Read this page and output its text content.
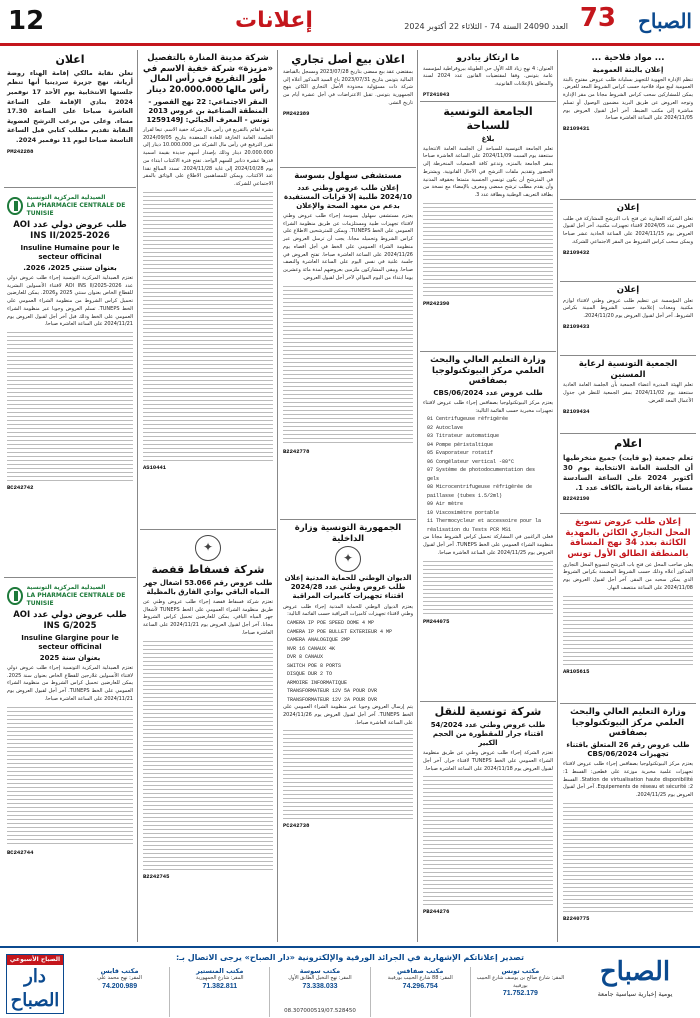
12	إعلانات	العدد 24090 السنة 74 - الثلاثاء 22 أكتوبر 2024 73 الصباح
... مواد فلاحية ...
إعلان بالبتة العمومية
تنظم الإدارة الجهوية للتجهيز بسليانة طلب عروض مفتوح بالبتة العمومية لبيع مواد فلاحية حسب كراس الشروط المعد للغرض. يمكن للمشاركين سحب كراس الشروط مجانا من مقر الإدارة وتوجه العروض عن طريق البريد مضمون الوصول أو تسلم مباشرة إلى مكتب الضبط. آخر أجل لقبول العروض يوم 2024/11/05 على الساعة العاشرة صباحا.
B2109431
إعلان
تعلن الشركة العقارية عن فتح باب الترشح للمشاركة في طلب العروض عدد 2024/05 لاقتناء تجهيزات مكتبية. آخر أجل لقبول العروض يوم 2024/11/15 على الساعة الحادية عشر صباحا ويمكن سحب كراس الشروط من المقر الاجتماعي للشركة.
B2109432
إعلان
تعلن المؤسسة عن تنظيم طلب عروض وطني لاقتناء لوازم مكتبية ومعدات إعلامية حسب الشروط المبينة بكراس الشروط. آخر أجل لقبول العروض يوم 2024/11/20.
B2109433
الجمعية التونسية لرعاية المسنين
تعلم الهيئة المديرة أعضاء الجمعية بأن الجلسة العامة العادية ستنعقد يوم 2024/11/02 بمقر الجمعية للنظر في جدول الأعمال المعد للغرض.
B2109434
اعلام
تعلم جمعية (بو فايت) جميع منخرطيها أن الجلسة العامة الانتخابية يوم 30 أكتوبر 2024 على الساعة السادسة مساء بقاعة الرياضة بالكاف عدد 1.
B2242190
إعلان طلب عروض تسويغ المحل التجاري الكائن بالمهدية الكائنة بعدد 34 نهج المسافة بالمنطقة الطالق الأول تونس
يعلن صاحب المحل عن فتح باب الترشح لتسويغ المحل التجاري المذكور أعلاه وذلك حسب الشروط المضمنة بكراس الشروط الذي يمكن سحبه من المقر. آخر أجل لقبول العروض يوم 2024/11/08 على الساعة منتصف النهار.
AR105615
وزارة التعليم العالي والبحث العلمي مركز البيوتكنولوجيا بصفاقس
طلب عروض رقم 26 المتعلق باقتناء تجهيزات 2024/CBS/06
يعتزم مركز البيوتكنولوجيا بصفاقس إجراء طلب عروض لاقتناء تجهيزات علمية مخبرية موزعة على قطعين: القسط 1: Station de virtualisation haute disponibilité. القسط 2: Equipements de réseau et sécurité. آخر أجل لقبول العروض يوم 2024/11/25.
B2240775
ما ارتكاز يبادرو
العنوان: 4 نهج زياد الله الأول حي الطويلة بيروقراطية لمؤسسة عامة بتونس. وفقا لمقتضيات القانون عدد 2024 لسنة والمتعلق بالإعلانات القانونية.
PT241043
الجامعة التونسية للسباحة
بلاغ
تعلم الجامعة التونسية للسباحة أن الجلسة العامة الانتخابية ستنعقد يوم السبت 2024/11/09 على الساعة العاشرة صباحا بمقر الجامعة بالمنزه. وتدعو كافة الجمعيات المنخرطة إلى الحضور وتقديم ملفات الترشح في الآجال القانونية. ويشترط في المترشح أن يكون تونسي الجنسية متمتعا بحقوقه المدنية وأن يقدم مطلب ترشح ممضى ومعرف بالإمضاء مع نسخة من بطاقة التعريف الوطنية وبطاقة عدد 3.
PM242390
وزارة التعليم العالي والبحث العلمي مركز البيوتكنولوجيا بصفاقس
طلب عروض عدد 2024/CBS/06
يعتزم مركز البيوتكنولوجيا بصفاقس إجراء طلب عروض لاقتناء تجهيزات مخبرية حسب القائمة التالية:
01 Centrifugeuse réfrigérée
02 Autoclave
03 Titrateur automatique
04 Pompe péristaltique
05 Evaporateur rotatif
06 Congélateur vertical -80°C
07 Système de photodocumentation des gels
08 Microcentrifugeuse réfrigérée de paillasse (tubes 1.5/2ml)
09 Air mètre
10 Viscosimètre portable
11 Thermocycleur et accessoire pour la réalisation du Tests PCR MS1
فعلى الراغبين في المشاركة تحميل كراس الشروط مجانا من منظومة الشراء العمومي على الخط TUNEPS. آخر أجل لقبول العروض يوم 2024/11/25 على الساعة العاشرة صباحا.
PM244075
شركة تونسية للنقل
طلب عروض وطني عدد 54/2024 اقتناء جرار للمقطورة من الحجم الكبير
تعتزم الشركة إجراء طلب عروض وطني عن طريق منظومة الشراء العمومي على الخط TUNEPS لاقتناء جرار. آخر أجل لقبول العروض يوم 2024/11/18 على الساعة العاشرة صباحا.
PB244276
اعلان بيع أصل تجاري
بمقتضى عقد بيع ممضى بتاريخ 2023/07/28 ومسجل بالقباضة المالية بتونس بتاريخ 2023/07/31 باع السيد المذكور أعلاه إلى شركة ذات مسؤولية محدودة الأصل التجاري الكائن بنهج الجمهورية بتونس. تقبل الاعتراضات في أجل عشرة أيام من تاريخ النشر.
PM242389
مستشفى سهلول بسوسة
إعلان طلب عروض وطني عدد 2024/10 طلبية إلا قرابات المستفيدة بدعم من معهد الصحة والإعلان
يعتزم مستشفى سهلول بسوسة إجراء طلب عروض وطني لاقتناء تجهيزات طبية ومستلزمات عن طريق منظومة الشراء العمومي على الخط TUNEPS. ويمكن للمترشحين الاطلاع على كراس الشروط وتحميله مجانا. يجب أن ترسل العروض عبر منظومة الشراء العمومي على الخط في أجل أقصاه يوم 2024/11/26 على الساعة العاشرة صباحا. تفتح العروض في جلسة علنية في نفس اليوم على الساعة العاشرة والنصف صباحا. ويبقى المشاركون ملزمين بعروضهم لمدة مائة وعشرين يوما ابتداء من اليوم الموالي لآخر أجل لقبول العروض.
B2242778
الجمهورية التونسية وزارة الداخلية
✦
الديوان الوطني للحماية المدنية إعلان طلب عروض وطني عدد 2024/28 اقتناء تجهيزات كاميرات المراقبة
يعتزم الديوان الوطني للحماية المدنية إجراء طلب عروض وطني لاقتناء تجهيزات كاميرات المراقبة حسب القائمة التالية:
CAMERA IP POE SPEED DOME 4 MP
CAMERA IP POE BULLET EXTERIEUR 4 MP
CAMERA ANALOGIQUE 2MP
NVR 16 CANAUX 4K
DVR 8 CANAUX
SWITCH POE 8 PORTS
DISQUE DUR 2 TO
ARMOIRE INFORMATIQUE
TRANSFORMATEUR 12V 5A POUR DVR
TRANSFORMATEUR 12V 2A POUR DVR
يتم إرسال العروض وجوبا عبر منظومة الشراء العمومي على الخط TUNEPS. آخر أجل لقبول العروض يوم 2024/11/26 على الساعة العاشرة صباحا.
PC242738
شركة مدينة المنارة بالتفصيل «مزيزة» شركة خفية الاسم في طور التقريع في رأس المال رأس مالها 20.000.000 دينار
المقر الاجتماعي: 22 نهج القصور - المنطقة الصناعية بن عروس 2013 تونس - المعرف الجبائي: 1259149J
نشرة لقائم بالتقريع في رأس مال شركة خفية الاسم. تبعا لقرار الجلسة العامة الخارقة للعادة المنعقدة بتاريخ 2024/09/05 تقرر الترفيع في رأس مال الشركة من 10.000.000 دينار إلى 20.000.000 دينار وذلك بإصدار أسهم جديدة بقيمة اسمية قدرها عشرة دنانير للسهم الواحد. تفتح فترة الاكتتاب ابتداء من يوم 2024/10/28 إلى غاية 2024/11/28. تسدد المبالغ نقدا عند الاكتتاب. ويمكن للمساهمين الاطلاع على الوثائق بالمقر الاجتماعي للشركة.
AS10441
✦
شركة فسفاط قفصة
طلب عروض رقم 53.066 اشغال جهر المياه الباقي بوادي الفارق بالمظيلة
تعتزم شركة فسفاط قفصة إجراء طلب عروض وطني عن طريق منظومة الشراء العمومي على الخط TUNEPS لأشغال جهر المياه الباقي. يمكن للعارضين تحميل كراس الشروط مجانا. آخر أجل لقبول العروض يوم 2024/11/21 على الساعة العاشرة صباحا.
B2242745
اعلان
تعلن نقابة مالكي إقامة الهناء روضة أريانة، نهج جزيرة سردينيا أنها تنظم جلستها الانتخابية يوم الأحد 17 نوفمبر 2024 بنادي الإقامة على الساعة العاشرة صباحا على الساعة 17.30 مساء. وعلى من يرغب الترشح لعضوية النقابة تقديم مطلب كتابي قبل الساعة التاسعة صباحا ليوم 11 نوفمبر 2024.
PM242288
الصيدلية المركزية التونسية
LA PHARMACIE CENTRALE DE TUNISIE
طلب عروض دولي عدد AOI INS II/2025-2026
Insuline Humaine pour le secteur officinal
بعنوان سنتي 2025، 2026.
تعتزم الصيدلية المركزية التونسية إجراء طلب عروض دولي عدد AOI INS II/2025-2026 لاقتناء الأنسولين البشرية للقطاع الخاص بعنوان سنتي 2025 و2026. يمكن للعارضين تحميل كراس الشروط من منظومة الشراء العمومي على الخط TUNEPS. تسلم العروض وجوبا عبر منظومة الشراء العمومي على الخط وذلك قبل آخر أجل لقبول العروض يوم 2024/11/21 على الساعة العاشرة صباحا.
BC242742
الصيدلية المركزية التونسية
LA PHARMACIE CENTRALE DE TUNISIE
طلب عروض دولي عدد AOI INS G/2025
Insuline Glargine pour le secteur officinal
بعنوان سنة 2025
تعتزم الصيدلية المركزية التونسية إجراء طلب عروض دولي لاقتناء الأنسولين غلارجين للقطاع الخاص بعنوان سنة 2025. يمكن للعارضين تحميل كراس الشروط من منظومة الشراء العمومي على الخط TUNEPS. آخر أجل لقبول العروض يوم 2024/11/21 على الساعة العاشرة صباحا.
BC242744
تصدير إعلاناتكم الإشهارية في الجرائد الورقية والإلكترونية «دار الصباح» يرجى الاتصال بـ:	الصباح
يومية إخبارية سياسية جامعة
الصباح الأسبوعي
دار الصباح
مكتب تونس
المقر: شارع صالح بن يوسف شارع الحبيب بورقيبة
71.752.179
مكتب صفاقس
المقر: 88 شارع الحبيب بورقيبة
74.296.754
مكتب سوسة
المقر: نهج النخيل الطابق الأول
73.338.033
مكتب المنستير
المقر: شارع الجمهورية
71.382.811
مكتب قابس
المقر: نهج محمد علي
74.200.989
08.307000519/07.528450
